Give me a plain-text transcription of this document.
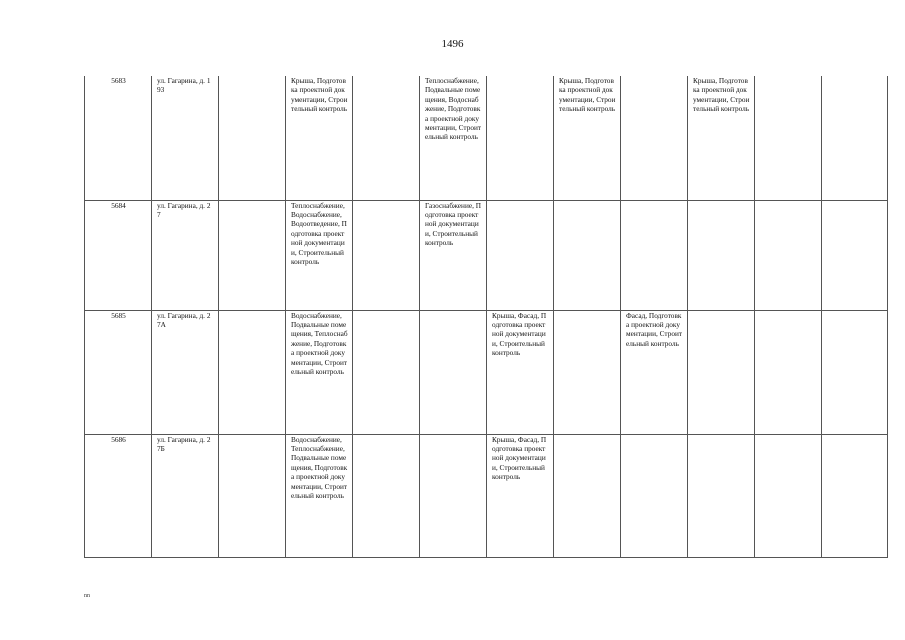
1496
5683	ул. Гагарина, д. 193		Крыша, Подготовка проектной документации, Строительный контроль		Теплоснабжение, Подвальные помещения, Водоснабжение, Подготовка проектной документации, Строительный контроль		Крыша, Подготовка проектной документации, Строительный контроль		Крыша, Подготовка проектной документации, Строительный контроль		

5684	ул. Гагарина, д. 27		Теплоснабжение, Водоснабжение, Водоотведение, Подготовка проектной документации, Строительный контроль		Газоснабжение, Подготовка проектной документации, Строительный контроль						

5685	ул. Гагарина, д. 27А		Водоснабжение, Подвальные помещения, Теплоснабжение, Подготовка проектной документации, Строительный контроль			Крыша, Фасад, Подготовка проектной документации, Строительный контроль		Фасад, Подготовка проектной документации, Строительный контроль			

5686	ул. Гагарина, д. 27Б		Водоснабжение, Теплоснабжение, Подвальные помещения, Подготовка проектной документации, Строительный контроль			Крыша, Фасад, Подготовка проектной документации, Строительный контроль					

nn
